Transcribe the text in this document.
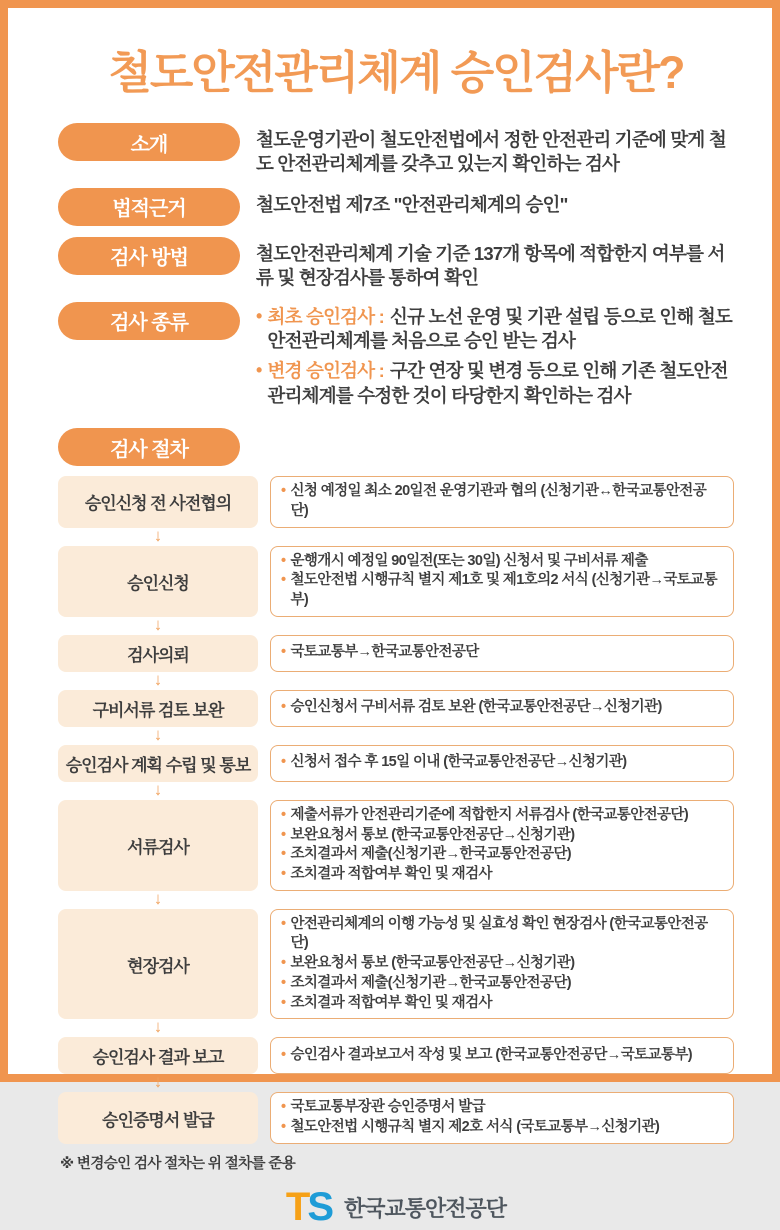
철도안전관리체계 승인검사란?
소개	철도운영기관이 철도안전법에서 정한 안전관리 기준에 맞게 철도 안전관리체계를 갖추고 있는지 확인하는 검사
법적근거	철도안전법 제7조 "안전관리체계의 승인"
검사 방법	철도안전관리체계 기술 기준 137개 항목에 적합한지 여부를 서류 및 현장검사를 통하여 확인
검사 종류	• 최초 승인검사 : 신규 노선 운영 및 기관 설립 등으로 인해 철도 안전관리체계를 처음으로 승인 받는 검사
• 변경 승인검사 : 구간 연장 및 변경 등으로 인해 기존 철도안전 관리체계를 수정한 것이 타당한지 확인하는 검사
검사 절차
승인신청 전 사전협의
• 신청 예정일 최소 20일전 운영기관과 협의 (신청기관↔한국교통안전공단)
↓
승인신청
• 운행개시 예정일 90일전(또는 30일) 신청서 및 구비서류 제출
• 철도안전법 시행규칙 별지 제1호 및 제1호의2 서식 (신청기관→국토교통부)
↓
검사의뢰	• 국토교통부→한국교통안전공단
↓
구비서류 검토 보완	• 승인신청서 구비서류 검토 보완 (한국교통안전공단→신청기관)
↓
승인검사 계획 수립 및 통보	• 신청서 접수 후 15일 이내 (한국교통안전공단→신청기관)
↓
서류검사
• 제출서류가 안전관리기준에 적합한지 서류검사 (한국교통안전공단)
• 보완요청서 통보 (한국교통안전공단→신청기관)
• 조치결과서 제출(신청기관→한국교통안전공단)
• 조치결과 적합여부 확인 및 재검사
↓
현장검사
• 안전관리체계의 이행 가능성 및 실효성 확인 현장검사 (한국교통안전공단)
• 보완요청서 통보 (한국교통안전공단→신청기관)
• 조치결과서 제출(신청기관→한국교통안전공단)
• 조치결과 적합여부 확인 및 재검사
↓
승인검사 결과 보고	• 승인검사 결과보고서 작성 및 보고 (한국교통안전공단→국토교통부)
↓
승인증명서 발급
• 국토교통부장관 승인증명서 발급
• 철도안전법 시행규칙 별지 제2호 서식 (국토교통부→신청기관)
※ 변경승인 검사 절차는 위 절차를 준용
TS 한국교통안전공단
